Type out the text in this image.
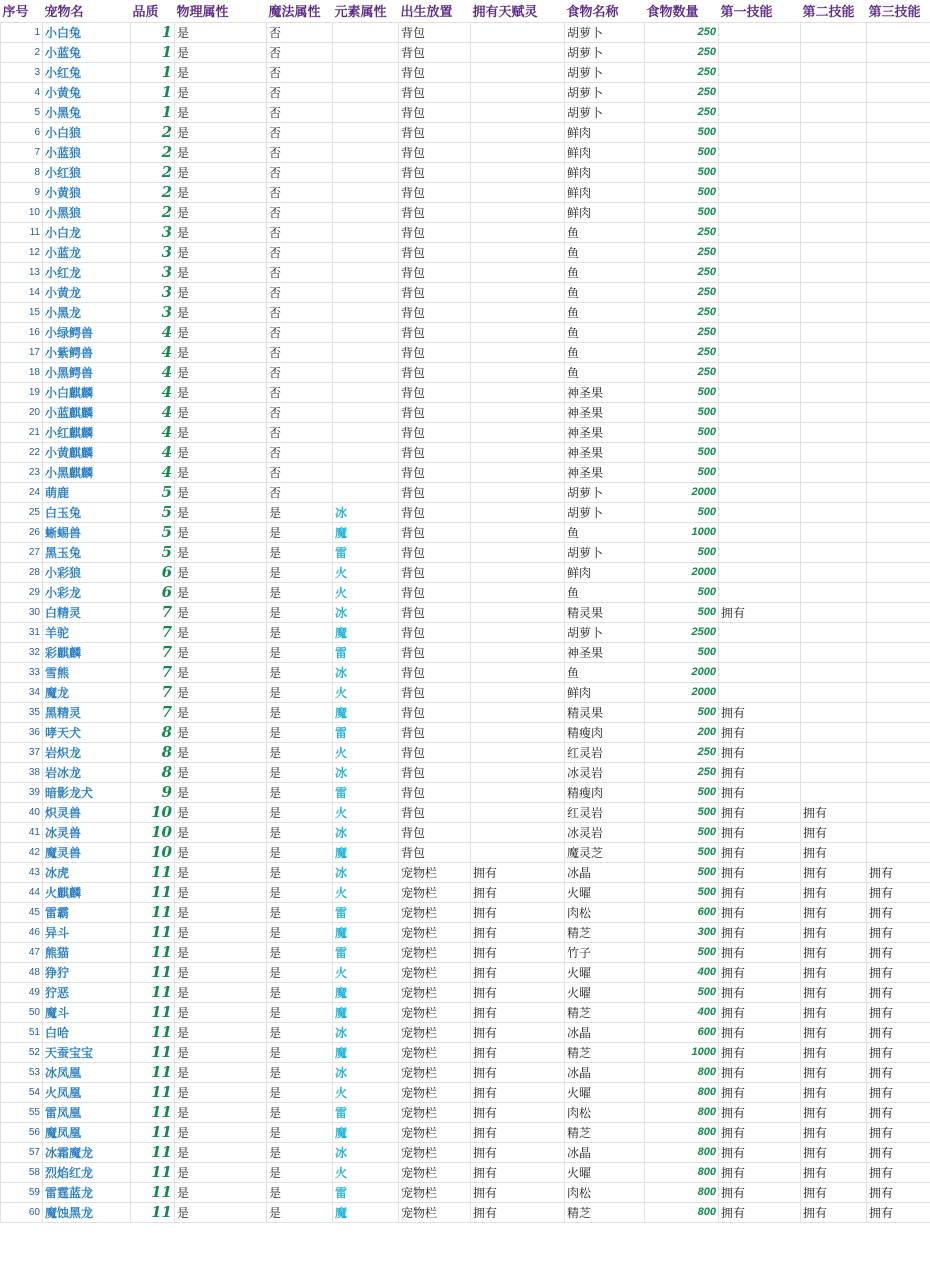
序号	宠物名	品质	物理属性	魔法属性	元素属性	出生放置	拥有天赋灵	食物名称	食物数量	第一技能	第二技能	第三技能
1	小白兔	1	是	否		背包		胡萝卜	250			
2	小蓝兔	1	是	否		背包		胡萝卜	250			
3	小红兔	1	是	否		背包		胡萝卜	250			
4	小黄兔	1	是	否		背包		胡萝卜	250			
5	小黑兔	1	是	否		背包		胡萝卜	250			
6	小白狼	2	是	否		背包		鲜肉	500			
7	小蓝狼	2	是	否		背包		鲜肉	500			
8	小红狼	2	是	否		背包		鲜肉	500			
9	小黄狼	2	是	否		背包		鲜肉	500			
10	小黑狼	2	是	否		背包		鲜肉	500			
11	小白龙	3	是	否		背包		鱼	250			
12	小蓝龙	3	是	否		背包		鱼	250			
13	小红龙	3	是	否		背包		鱼	250			
14	小黄龙	3	是	否		背包		鱼	250			
15	小黑龙	3	是	否		背包		鱼	250			
16	小绿鳄兽	4	是	否		背包		鱼	250			
17	小紫鳄兽	4	是	否		背包		鱼	250			
18	小黑鳄兽	4	是	否		背包		鱼	250			
19	小白麒麟	4	是	否		背包		神圣果	500			
20	小蓝麒麟	4	是	否		背包		神圣果	500			
21	小红麒麟	4	是	否		背包		神圣果	500			
22	小黄麒麟	4	是	否		背包		神圣果	500			
23	小黑麒麟	4	是	否		背包		神圣果	500			
24	萌鹿	5	是	否		背包		胡萝卜	2000			
25	白玉兔	5	是	是	冰	背包		胡萝卜	500			
26	蜥蜴兽	5	是	是	魔	背包		鱼	1000			
27	黑玉兔	5	是	是	雷	背包		胡萝卜	500			
28	小彩狼	6	是	是	火	背包		鲜肉	2000			
29	小彩龙	6	是	是	火	背包		鱼	500			
30	白精灵	7	是	是	冰	背包		精灵果	500	拥有		
31	羊驼	7	是	是	魔	背包		胡萝卜	2500			
32	彩麒麟	7	是	是	雷	背包		神圣果	500			
33	雪熊	7	是	是	冰	背包		鱼	2000			
34	魔龙	7	是	是	火	背包		鲜肉	2000			
35	黑精灵	7	是	是	魔	背包		精灵果	500	拥有		
36	哮天犬	8	是	是	雷	背包		精瘦肉	200	拥有		
37	岩炽龙	8	是	是	火	背包		红灵岩	250	拥有		
38	岩冰龙	8	是	是	冰	背包		冰灵岩	250	拥有		
39	暗影龙犬	9	是	是	雷	背包		精瘦肉	500	拥有		
40	炽灵兽	10	是	是	火	背包		红灵岩	500	拥有	拥有	
41	冰灵兽	10	是	是	冰	背包		冰灵岩	500	拥有	拥有	
42	魔灵兽	10	是	是	魔	背包		魔灵芝	500	拥有	拥有	
43	冰虎	11	是	是	冰	宠物栏	拥有	冰晶	500	拥有	拥有	拥有
44	火麒麟	11	是	是	火	宠物栏	拥有	火曜	500	拥有	拥有	拥有
45	雷霸	11	是	是	雷	宠物栏	拥有	肉松	600	拥有	拥有	拥有
46	异斗	11	是	是	魔	宠物栏	拥有	精芝	300	拥有	拥有	拥有
47	熊猫	11	是	是	雷	宠物栏	拥有	竹子	500	拥有	拥有	拥有
48	狰狞	11	是	是	火	宠物栏	拥有	火曜	400	拥有	拥有	拥有
49	狞恶	11	是	是	魔	宠物栏	拥有	火曜	500	拥有	拥有	拥有
50	魔斗	11	是	是	魔	宠物栏	拥有	精芝	400	拥有	拥有	拥有
51	白哈	11	是	是	冰	宠物栏	拥有	冰晶	600	拥有	拥有	拥有
52	天蚕宝宝	11	是	是	魔	宠物栏	拥有	精芝	1000	拥有	拥有	拥有
53	冰凤凰	11	是	是	冰	宠物栏	拥有	冰晶	800	拥有	拥有	拥有
54	火凤凰	11	是	是	火	宠物栏	拥有	火曜	800	拥有	拥有	拥有
55	雷凤凰	11	是	是	雷	宠物栏	拥有	肉松	800	拥有	拥有	拥有
56	魔凤凰	11	是	是	魔	宠物栏	拥有	精芝	800	拥有	拥有	拥有
57	冰霜魔龙	11	是	是	冰	宠物栏	拥有	冰晶	800	拥有	拥有	拥有
58	烈焰红龙	11	是	是	火	宠物栏	拥有	火曜	800	拥有	拥有	拥有
59	雷霆蓝龙	11	是	是	雷	宠物栏	拥有	肉松	800	拥有	拥有	拥有
60	魔蚀黑龙	11	是	是	魔	宠物栏	拥有	精芝	800	拥有	拥有	拥有
